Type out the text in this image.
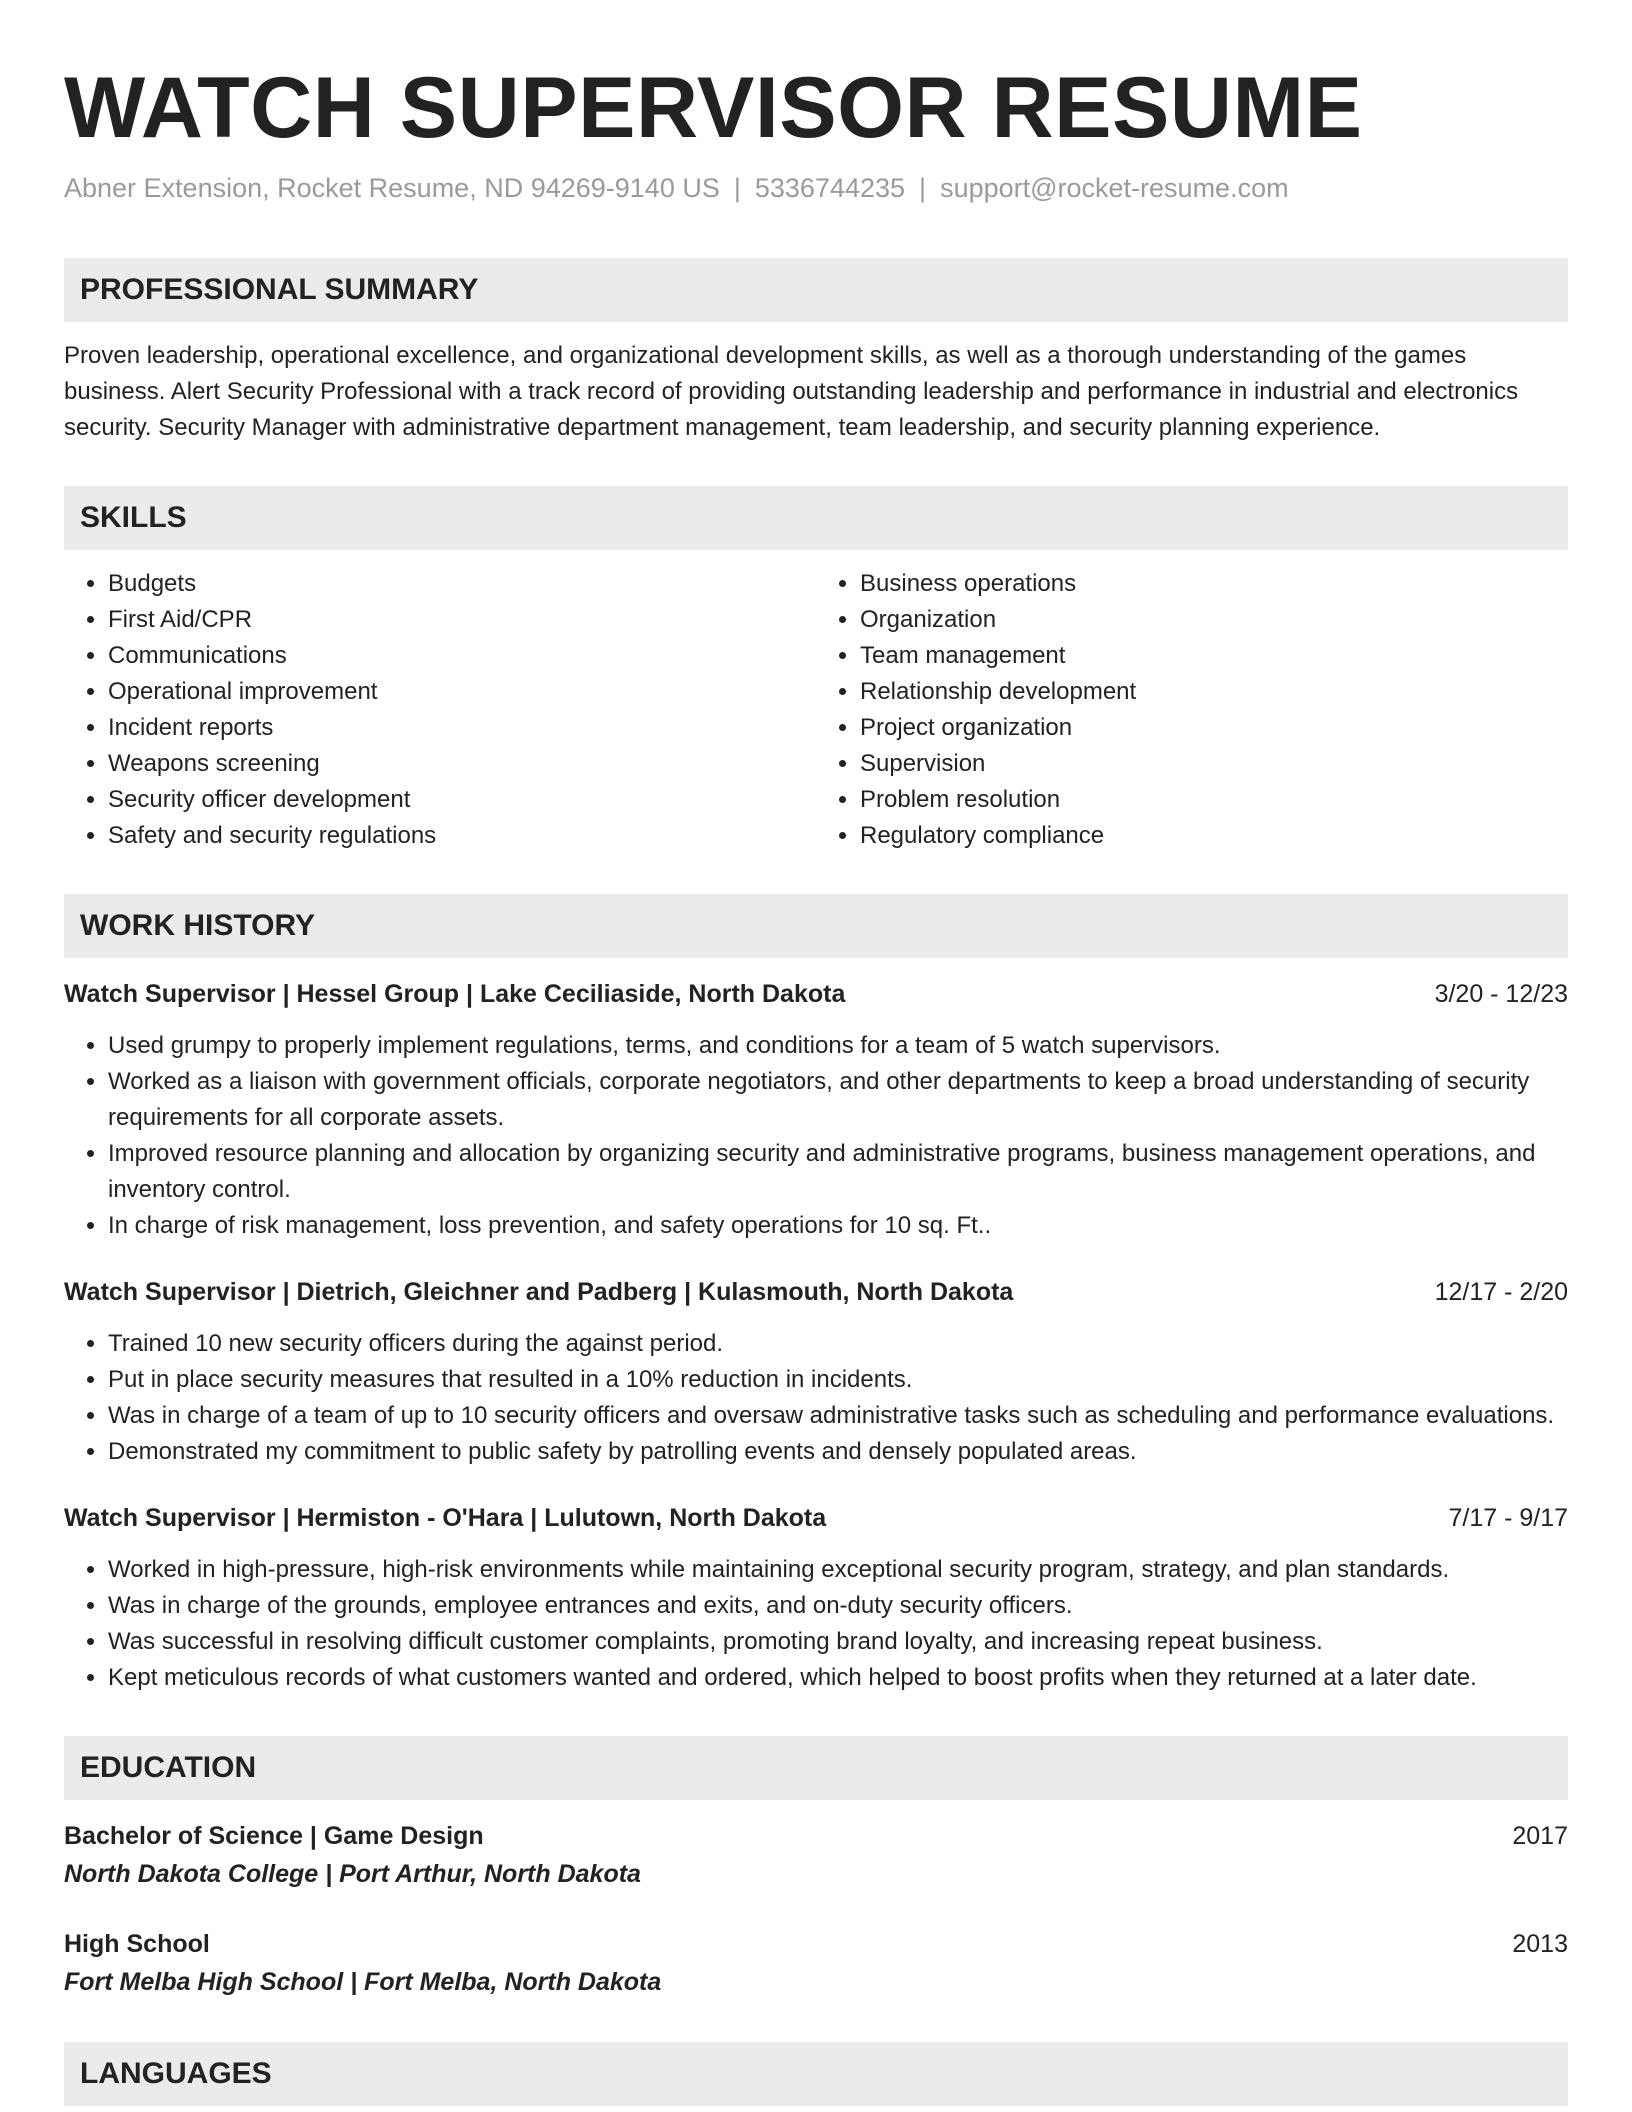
WATCH SUPERVISOR RESUME
Abner Extension, Rocket Resume, ND 94269-9140 US | 5336744235 | support@rocket-resume.com
PROFESSIONAL SUMMARY

Proven leadership, operational excellence, and organizational development skills, as well as a thorough understanding of the games business. Alert Security Professional with a track record of providing outstanding leadership and performance in industrial and electronics security. Security Manager with administrative department management, team leadership, and security planning experience.

SKILLS
• Budgets
• First Aid/CPR
• Communications
• Operational improvement
• Incident reports
• Weapons screening
• Security officer development
• Safety and security regulations
• Business operations
• Organization
• Team management
• Relationship development
• Project organization
• Supervision
• Problem resolution
• Regulatory compliance
WORK HISTORY
Watch Supervisor | Hessel Group | Lake Ceciliaside, North Dakota	3/20 - 12/23
• Used grumpy to properly implement regulations, terms, and conditions for a team of 5 watch supervisors.
• Worked as a liaison with government officials, corporate negotiators, and other departments to keep a broad understanding of security requirements for all corporate assets.
• Improved resource planning and allocation by organizing security and administrative programs, business management operations, and inventory control.
• In charge of risk management, loss prevention, and safety operations for 10 sq. Ft..
Watch Supervisor | Dietrich, Gleichner and Padberg | Kulasmouth, North Dakota	12/17 - 2/20
• Trained 10 new security officers during the against period.
• Put in place security measures that resulted in a 10% reduction in incidents.
• Was in charge of a team of up to 10 security officers and oversaw administrative tasks such as scheduling and performance evaluations.
• Demonstrated my commitment to public safety by patrolling events and densely populated areas.
Watch Supervisor | Hermiston - O'Hara | Lulutown, North Dakota	7/17 - 9/17
• Worked in high-pressure, high-risk environments while maintaining exceptional security program, strategy, and plan standards.
• Was in charge of the grounds, employee entrances and exits, and on-duty security officers.
• Was successful in resolving difficult customer complaints, promoting brand loyalty, and increasing repeat business.
• Kept meticulous records of what customers wanted and ordered, which helped to boost profits when they returned at a later date.
EDUCATION
Bachelor of Science | Game Design	2017
North Dakota College | Port Arthur, North Dakota
High School	2013
Fort Melba High School | Fort Melba, North Dakota
LANGUAGES
